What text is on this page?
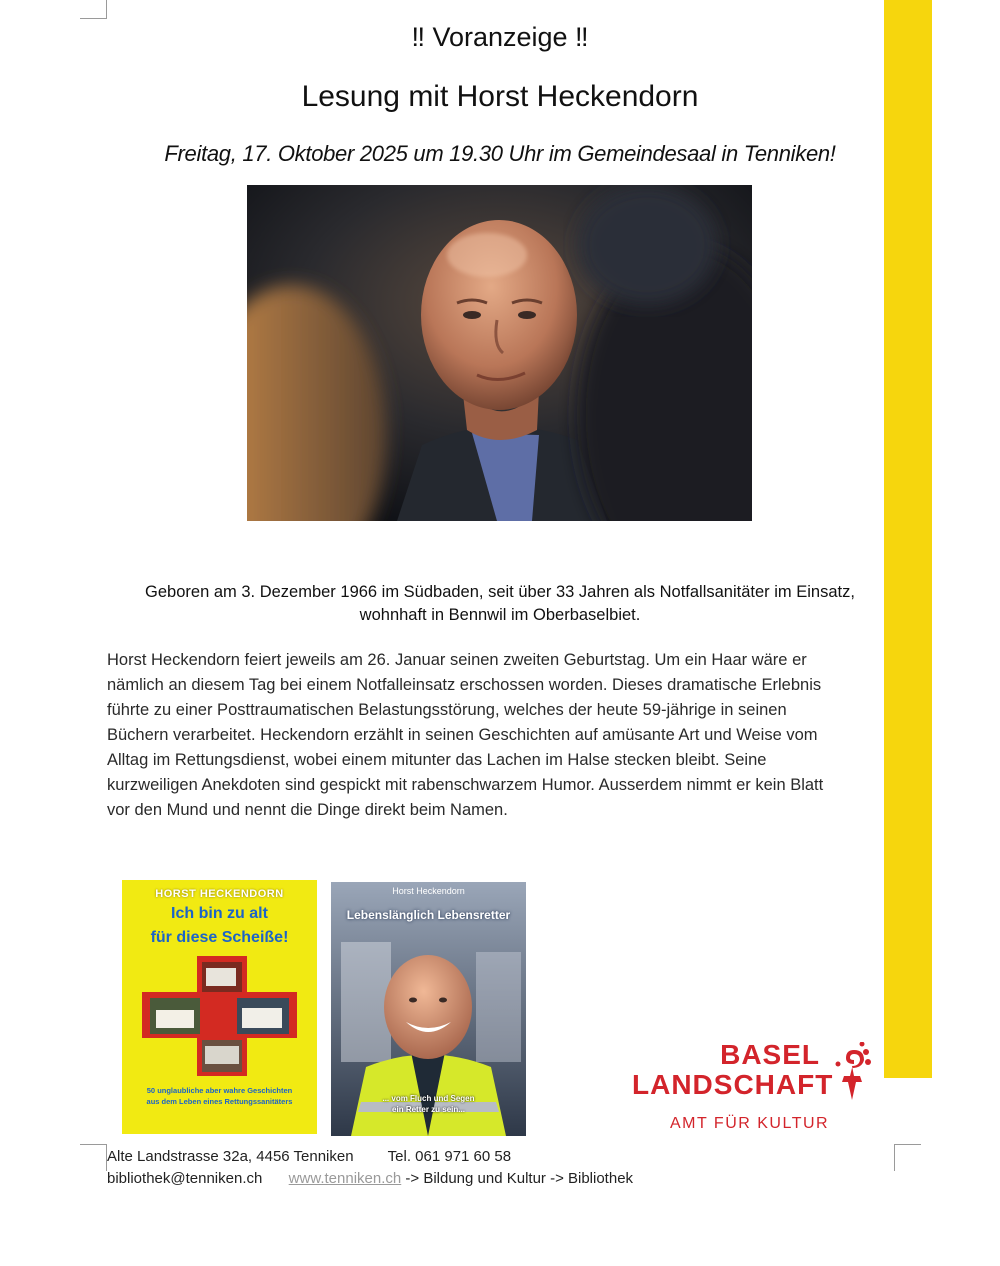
‼ Voranzeige ‼
Lesung mit Horst Heckendorn
Freitag, 17. Oktober 2025 um 19.30 Uhr im Gemeindesaal in Tenniken!
Geboren am 3. Dezember 1966 im Südbaden, seit über 33 Jahren als Notfallsanitäter im Einsatz,
wohnhaft in Bennwil im Oberbaselbiet.
Horst Heckendorn feiert jeweils am 26. Januar seinen zweiten Geburtstag. Um ein Haar wäre er
nämlich an diesem Tag bei einem Notfalleinsatz erschossen worden. Dieses dramatische Erlebnis
führte zu einer Posttraumatischen Belastungsstörung, welches der heute 59-jährige in seinen
Büchern verarbeitet. Heckendorn erzählt in seinen Geschichten auf amüsante Art und Weise vom
Alltag im Rettungsdienst, wobei einem mitunter das Lachen im Halse stecken bleibt. Seine
kurzweiligen Anekdoten sind gespickt mit rabenschwarzem Humor. Ausserdem nimmt er kein Blatt
vor den Mund und nennt die Dinge direkt beim Namen.
HORST HECKENDORN
Ich bin zu alt
für diese Scheiße!
50 unglaubliche aber wahre Geschichten
aus dem Leben eines Rettungssanitäters
Horst Heckendorn
Lebenslänglich Lebensretter
... vom Fluch und Segen
ein Retter zu sein...
BASEL
LANDSCHAFT
AMT FÜR KULTUR
Alte Landstrasse 32a, 4456 Tenniken Tel. 061 971 60 58
bibliothek@tenniken.ch www.tenniken.ch -> Bildung und Kultur -> Bibliothek
